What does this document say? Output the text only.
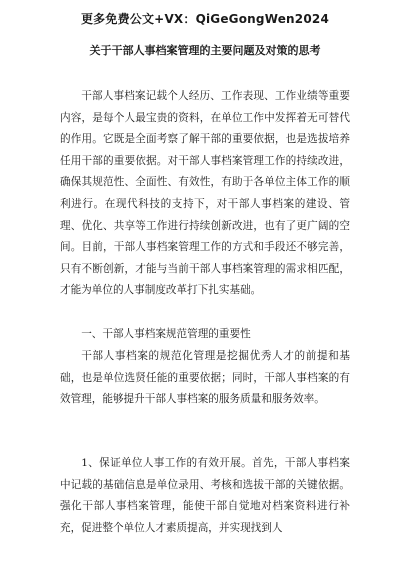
更多免费公文+VX：QiGeGongWen2024
关于干部人事档案管理的主要问题及对策的思考

干部人事档案记载个人经历、工作表现、工作业绩等重要内容，是每个人最宝贵的资料，在单位工作中发挥着无可替代的作用。它既是全面考察了解干部的重要依据，也是选拔培养任用干部的重要依据。对干部人事档案管理工作的持续改进，确保其规范性、全面性、有效性，有助于各单位主体工作的顺利进行。在现代科技的支持下，对干部人事档案的建设、管理、优化、共享等工作进行持续创新改进，也有了更广阔的空间。目前，干部人事档案管理工作的方式和手段还不够完善，只有不断创新，才能与当前干部人事档案管理的需求相匹配，才能为单位的人事制度改革打下扎实基础。

一、干部人事档案规范管理的重要性

干部人事档案的规范化管理是挖掘优秀人才的前提和基础，也是单位选贤任能的重要依据；同时，干部人事档案的有效管理，能够提升干部人事档案的服务质量和服务效率。

1、保证单位人事工作的有效开展。首先，干部人事档案中记载的基础信息是单位录用、考核和选拔干部的关键依据。强化干部人事档案管理，能使干部自觉地对档案资料进行补充，促进整个单位人才素质提高，并实现找到人
